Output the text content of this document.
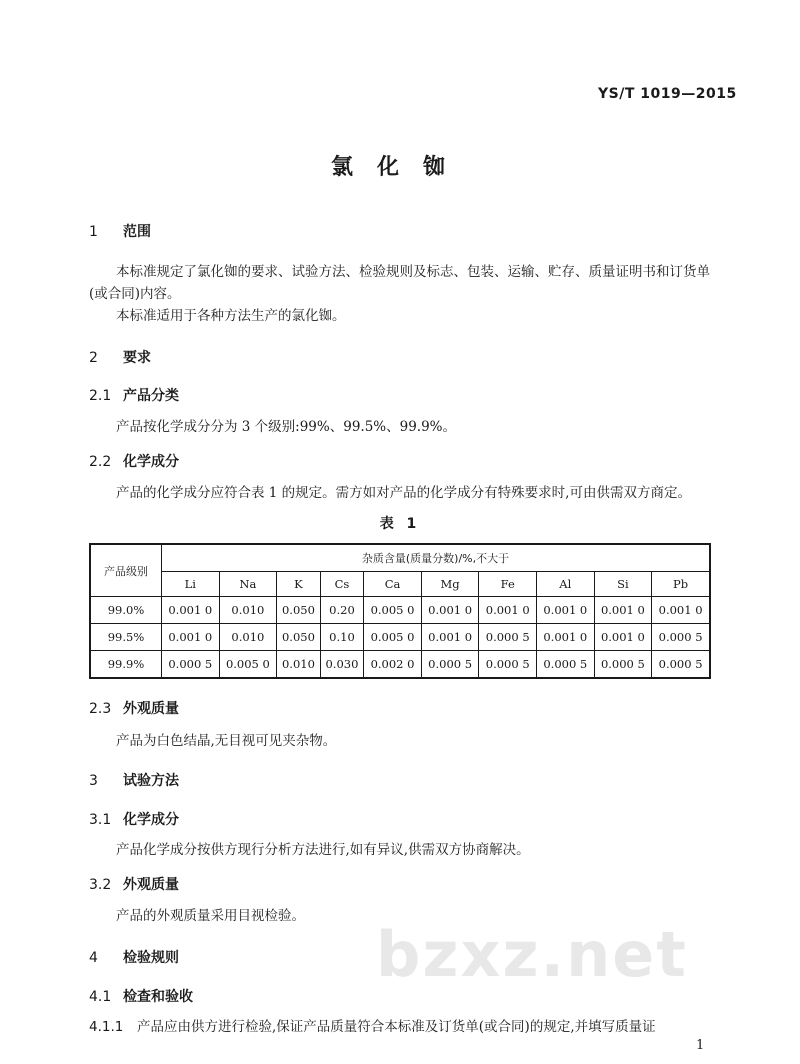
YS/T 1019—2015
氯化铷
1 范围
本标准规定了氯化铷的要求、试验方法、检验规则及标志、包装、运输、贮存、质量证明书和订货单
(或合同)内容。
本标准适用于各种方法生产的氯化铷。
2 要求
2.1 产品分类
产品按化学成分分为 3 个级别:99%、99.5%、99.9%。
2.2 化学成分
产品的化学成分应符合表 1 的规定。需方如对产品的化学成分有特殊要求时,可由供需双方商定。
表 1
产品级别	杂质含量(质量分数)/%,不大于									
	Li	Na	K	Cs	Ca	Mg	Fe	Al	Si	Pb
99.0%	0.001 0	0.010	0.050	0.20	0.005 0	0.001 0	0.001 0	0.001 0	0.001 0	0.001 0
99.5%	0.001 0	0.010	0.050	0.10	0.005 0	0.001 0	0.000 5	0.001 0	0.001 0	0.000 5
99.9%	0.000 5	0.005 0	0.010	0.030	0.002 0	0.000 5	0.000 5	0.000 5	0.000 5	0.000 5
2.3 外观质量
产品为白色结晶,无目视可见夹杂物。
3 试验方法
3.1 化学成分
产品化学成分按供方现行分析方法进行,如有异议,供需双方协商解决。
3.2 外观质量
产品的外观质量采用目视检验。
bzxz.net
4 检验规则
4.1 检查和验收
4.1.1 产品应由供方进行检验,保证产品质量符合本标准及订货单(或合同)的规定,并填写质量证
1
